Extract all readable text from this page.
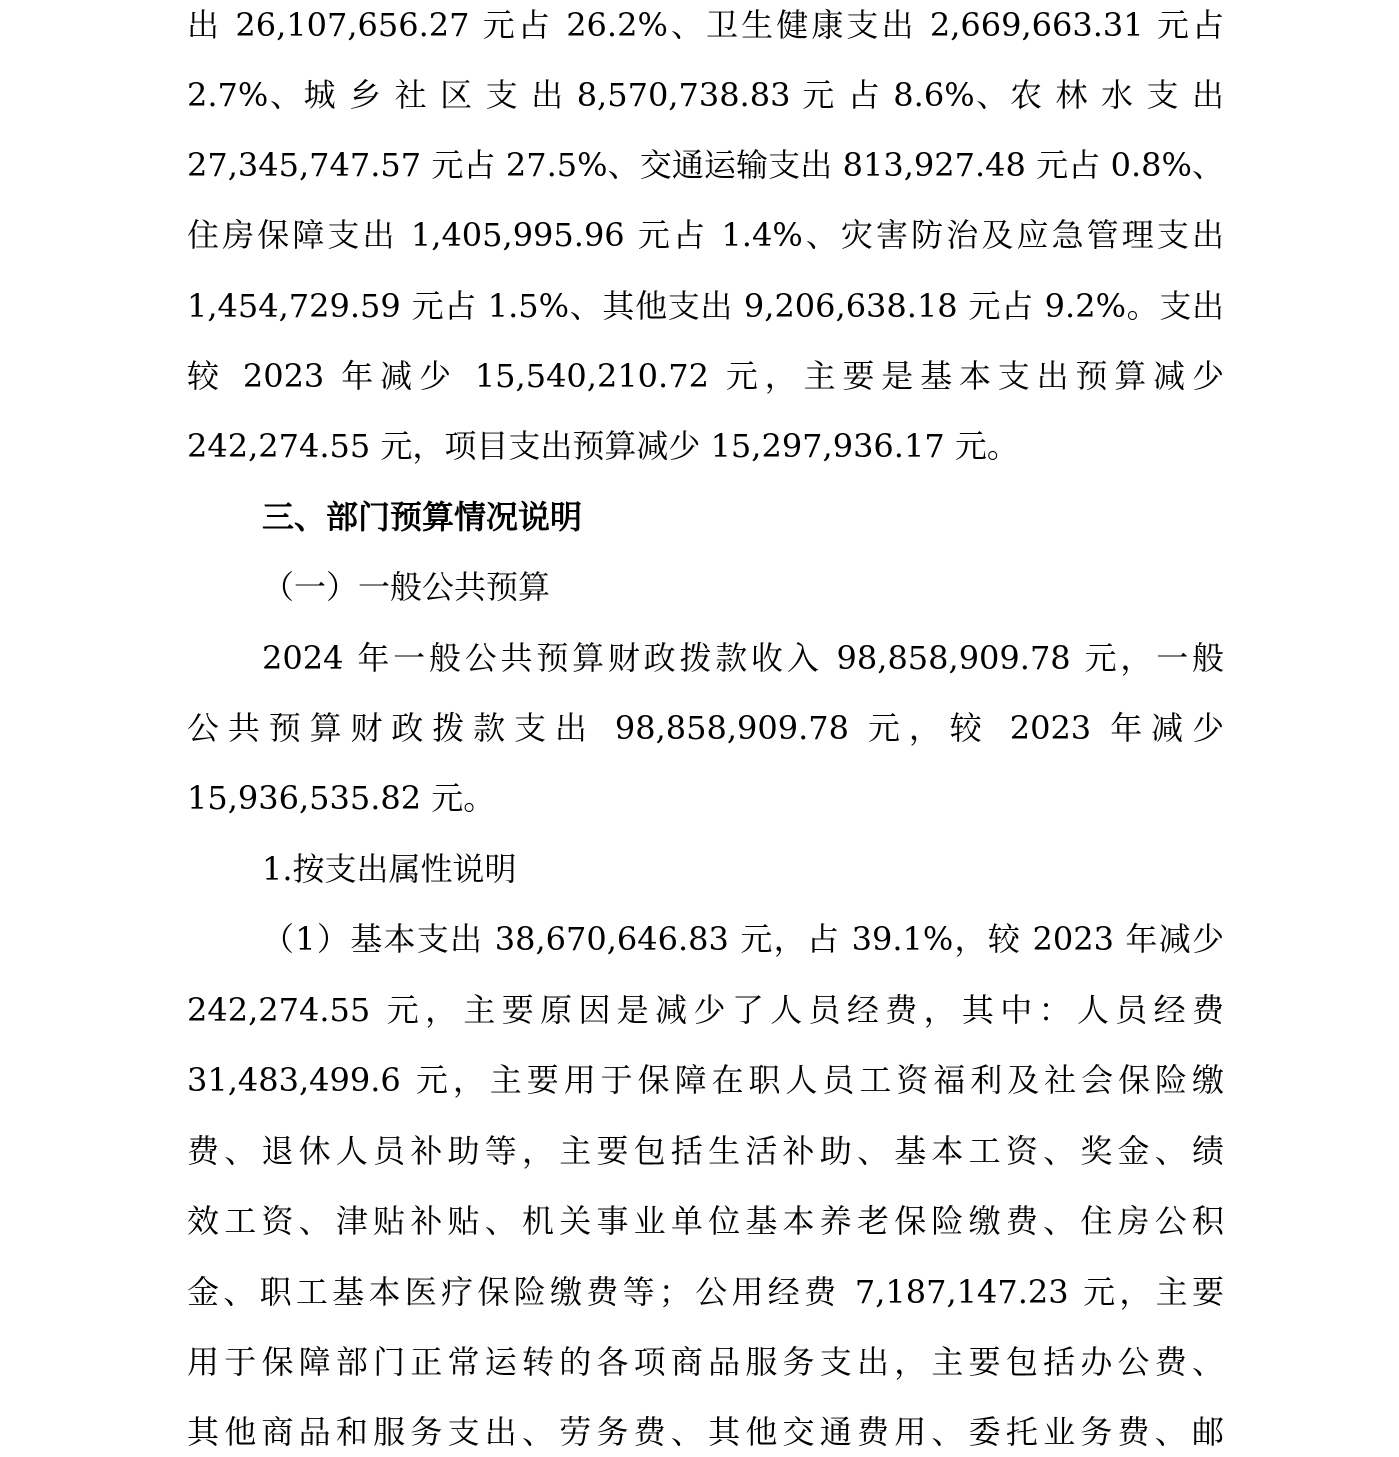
出 26,107,656.27 元占 26.2%、卫生健康支出 2,669,663.31 元占
2.7%、城 乡 社 区 支 出 8,570,738.83 元 占 8.6%、农 林 水 支 出
27,345,747.57 元占 27.5%、交通运输支出 813,927.48 元占 0.8%、
住房保障支出 1,405,995.96 元占 1.4%、灾害防治及应急管理支出
1,454,729.59 元占 1.5%、其他支出 9,206,638.18 元占 9.2%。支出
较 2023 年减少 15,540,210.72 元，主要是基本支出预算减少
242,274.55 元，项目支出预算减少 15,297,936.17 元。
三、部门预算情况说明
（一）一般公共预算
2024 年一般公共预算财政拨款收入 98,858,909.78 元，一般
公共预算财政拨款支出 98,858,909.78 元，较 2023 年减少
15,936,535.82 元。
1.按支出属性说明
（1）基本支出 38,670,646.83 元，占 39.1%，较 2023 年减少
242,274.55 元，主要原因是减少了人员经费，其中：人员经费
31,483,499.6 元，主要用于保障在职人员工资福利及社会保险缴
费、退休人员补助等，主要包括生活补助、基本工资、奖金、绩
效工资、津贴补贴、机关事业单位基本养老保险缴费、住房公积
金、职工基本医疗保险缴费等；公用经费 7,187,147.23 元，主要
用于保障部门正常运转的各项商品服务支出，主要包括办公费、
其他商品和服务支出、劳务费、其他交通费用、委托业务费、邮
